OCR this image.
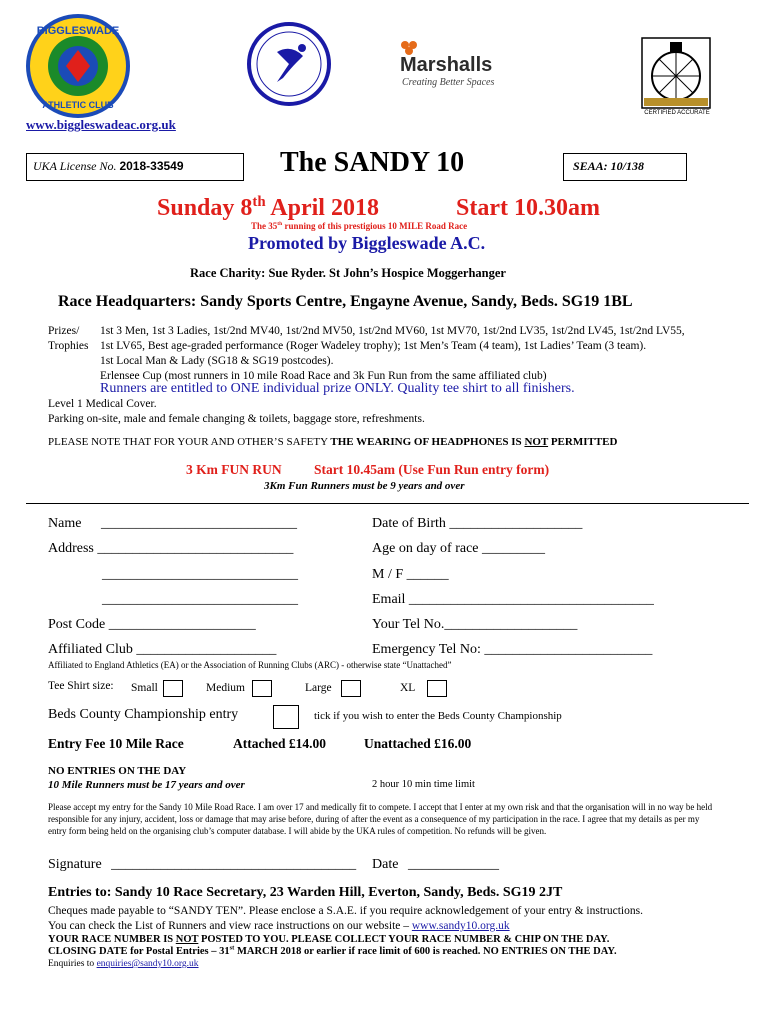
BIGGLESWADE
ATHLETIC CLUB
Marshalls
Creating Better Spaces
CERTIFIED ACCURATE
www.biggleswadeac.org.uk
UKA License No. 2018-33549	The SANDY 10	SEAA: 10/138
Sunday 8th April 2018	Start 10.30am
The 35th running of this prestigious 10 MILE Road Race
Promoted by Biggleswade A.C.
Race Charity: Sue Ryder. St John’s Hospice Moggerhanger
Race Headquarters: Sandy Sports Centre, Engayne Avenue, Sandy, Beds. SG19 1BL
Prizes/
Trophies
1st 3 Men, 1st 3 Ladies, 1st/2nd MV40, 1st/2nd MV50, 1st/2nd MV60, 1st MV70, 1st/2nd LV35, 1st/2nd LV45, 1st/2nd LV55,
1st LV65, Best age-graded performance (Roger Wadeley trophy); 1st Men’s Team (4 team), 1st Ladies’ Team (3 team).
1st Local Man & Lady (SG18 & SG19 postcodes).
Erlensee Cup (most runners in 10 mile Road Race and 3k Fun Run from the same affiliated club)
Runners are entitled to ONE individual prize ONLY. Quality tee shirt to all finishers.
Level 1 Medical Cover.
Parking on-site, male and female changing & toilets, baggage store, refreshments.
PLEASE NOTE THAT FOR YOUR AND OTHER’S SAFETY THE WEARING OF HEADPHONES IS NOT PERMITTED
3 Km FUN RUN Start 10.45am (Use Fun Run entry form)
3Km Fun Runners must be 9 years and over
Name ____________________________	Date of Birth ___________________
Address ____________________________	Age on day of race _________
____________________________	M / F ______
____________________________	Email ___________________________________
Post Code _____________________	Your Tel No.___________________
Affiliated Club ____________________	Emergency Tel No: ________________________
Affiliated to England Athletics (EA) or the Association of Running Clubs (ARC) - otherwise state “Unattached”
Tee Shirt size: Small	Medium	Large	XL
Beds County Championship entry	tick if you wish to enter the Beds County Championship
Entry Fee 10 Mile Race	Attached £14.00	Unattached £16.00
NO ENTRIES ON THE DAY
10 Mile Runners must be 17 years and over	2 hour 10 min time limit
Please accept my entry for the Sandy 10 Mile Road Race. I am over 17 and medically fit to compete. I accept that I enter at my own risk and that the organisation will in no way be held responsible for any injury, accident, loss or damage that may arise before, during of after the event as a consequence of my participation in the race. I agree that my details as per my entry form being held on the organising club’s computer database. I will abide by the UKA rules of competition. No refunds will be given.
Signature ___________________________________ Date _____________
Entries to: Sandy 10 Race Secretary, 23 Warden Hill, Everton, Sandy, Beds. SG19 2JT
Cheques made payable to “SANDY TEN”. Please enclose a S.A.E. if you require acknowledgement of your entry & instructions.
You can check the List of Runners and view race instructions on our website – www.sandy10.org.uk
YOUR RACE NUMBER IS NOT POSTED TO YOU. PLEASE COLLECT YOUR RACE NUMBER & CHIP ON THE DAY.
CLOSING DATE for Postal Entries – 31st MARCH 2018 or earlier if race limit of 600 is reached. NO ENTRIES ON THE DAY.
Enquiries to enquiries@sandy10.org.uk
